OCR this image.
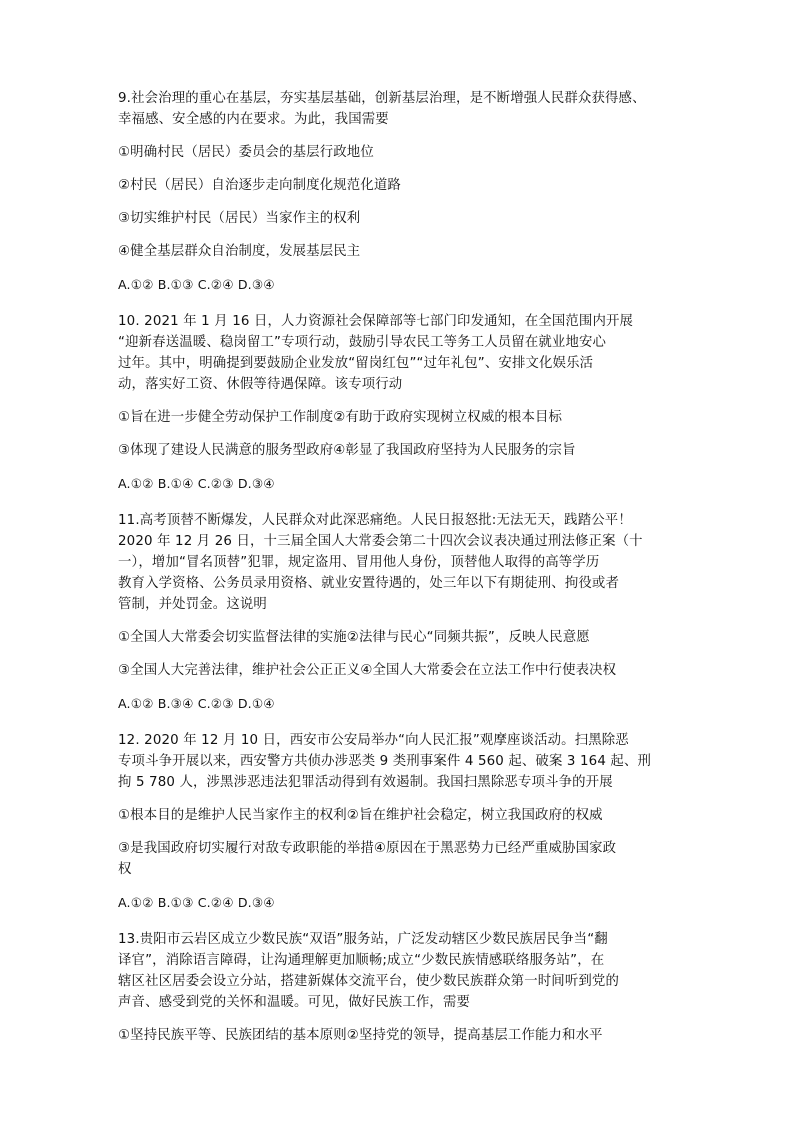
9.社会治理的重心在基层，夯实基层基础，创新基层治理，是不断增强人民群众获得感、
幸福感、安全感的内在要求。为此，我国需要
①明确村民（居民）委员会的基层行政地位
②村民（居民）自治逐步走向制度化规范化道路
③切实维护村民（居民）当家作主的权利
④健全基层群众自治制度，发展基层民主
A.①② B.①③ C.②④ D.③④
10. 2021 年 1 月 16 日，人力资源社会保障部等七部门印发通知，在全国范围内开展
“迎新春送温暖、稳岗留工”专项行动，鼓励引导农民工等务工人员留在就业地安心
过年。其中，明确提到要鼓励企业发放“留岗红包”“过年礼包”、安排文化娱乐活
动，落实好工资、休假等待遇保障。该专项行动
①旨在进一步健全劳动保护工作制度②有助于政府实现树立权威的根本目标
③体现了建设人民满意的服务型政府④彰显了我国政府坚持为人民服务的宗旨
A.①② B.①④ C.②③ D.③④
11.高考顶替不断爆发，人民群众对此深恶痛绝。人民日报怒批:无法无天，践踏公平！
2020 年 12 月 26 日，十三届全国人大常委会第二十四次会议表决通过刑法修正案（十
一），增加“冒名顶替”犯罪，规定盗用、冒用他人身份，顶替他人取得的高等学历
教育入学资格、公务员录用资格、就业安置待遇的，处三年以下有期徒刑、拘役或者
管制，并处罚金。这说明
①全国人大常委会切实监督法律的实施②法律与民心“同频共振”，反映人民意愿
③全国人大完善法律，维护社会公正正义④全国人大常委会在立法工作中行使表决权
A.①② B.③④ C.②③ D.①④
12. 2020 年 12 月 10 日，西安市公安局举办“向人民汇报”观摩座谈活动。扫黑除恶
专项斗争开展以来，西安警方共侦办涉恶类 9 类刑事案件 4 560 起、破案 3 164 起、刑
拘 5 780 人，涉黑涉恶违法犯罪活动得到有效遏制。我国扫黑除恶专项斗争的开展
①根本目的是维护人民当家作主的权利②旨在维护社会稳定，树立我国政府的权威
③是我国政府切实履行对敌专政职能的举措④原因在于黑恶势力已经严重威胁国家政
权
A.①② B.①③ C.②④ D.③④
13.贵阳市云岩区成立少数民族“双语”服务站，广泛发动辖区少数民族居民争当“翻
译官”，消除语言障碍，让沟通理解更加顺畅;成立“少数民族情感联络服务站”，在
辖区社区居委会设立分站，搭建新媒体交流平台，使少数民族群众第一时间听到党的
声音、感受到党的关怀和温暖。可见，做好民族工作，需要
①坚持民族平等、民族团结的基本原则②坚持党的领导，提高基层工作能力和水平
